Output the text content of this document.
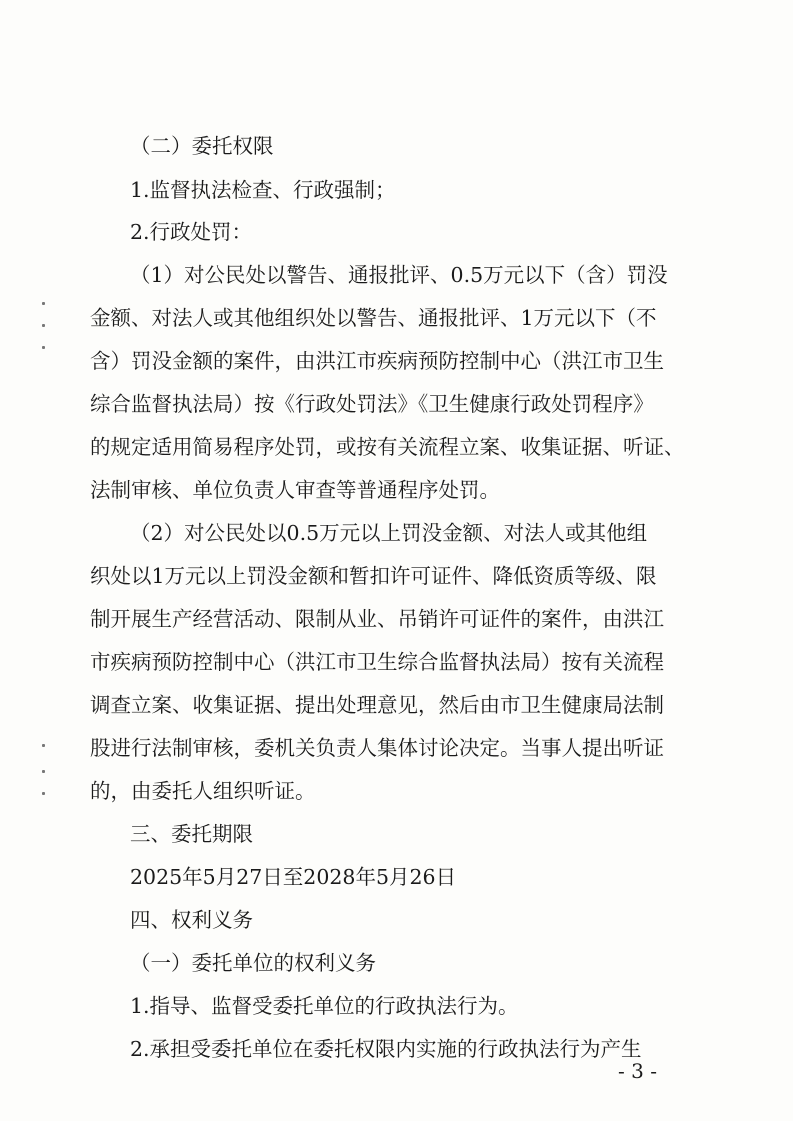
（二）委托权限
1.监督执法检查、行政强制；
2.行政处罚：
（1）对公民处以警告、通报批评、0.5万元以下（含）罚没
金额、对法人或其他组织处以警告、通报批评、1万元以下（不
含）罚没金额的案件，由洪江市疾病预防控制中心（洪江市卫生
综合监督执法局）按《行政处罚法》《卫生健康行政处罚程序》
的规定适用简易程序处罚，或按有关流程立案、收集证据、听证、
法制审核、单位负责人审查等普通程序处罚。
（2）对公民处以0.5万元以上罚没金额、对法人或其他组
织处以1万元以上罚没金额和暂扣许可证件、降低资质等级、限
制开展生产经营活动、限制从业、吊销许可证件的案件，由洪江
市疾病预防控制中心（洪江市卫生综合监督执法局）按有关流程
调查立案、收集证据、提出处理意见，然后由市卫生健康局法制
股进行法制审核，委机关负责人集体讨论决定。当事人提出听证
的，由委托人组织听证。
三、委托期限
2025年5月27日至2028年5月26日
四、权利义务
（一）委托单位的权利义务
1.指导、监督受委托单位的行政执法行为。
2.承担受委托单位在委托权限内实施的行政执法行为产生
- 3 -
